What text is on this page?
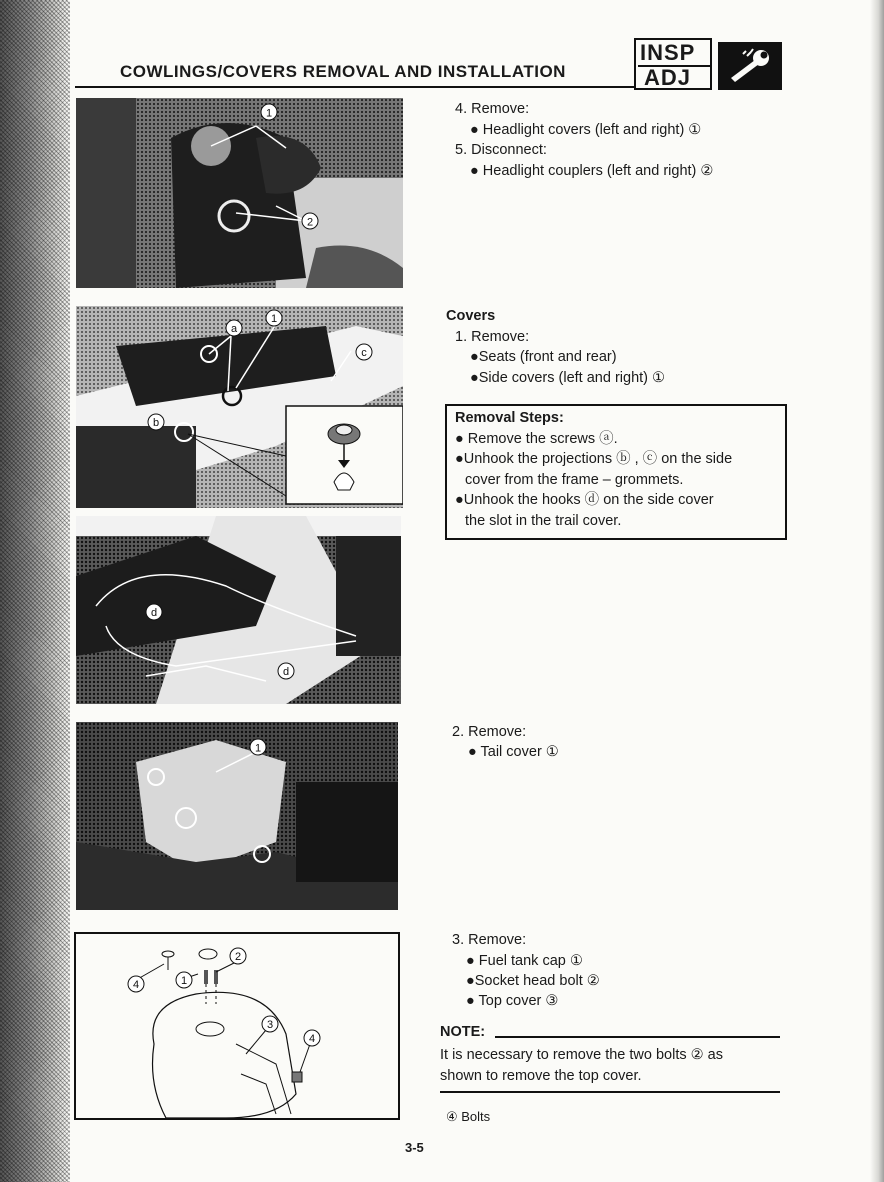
COWLINGS/COVERS REMOVAL AND INSTALLATION
INSP
ADJ
1
2
4. Remove:
● Headlight covers (left and right) ①
5. Disconnect:
● Headlight couplers (left and right) ②
a
1
c
b
Covers
1. Remove:
●Seats (front and rear)
●Side covers (left and right) ①
Removal Steps:
● Remove the screws ⓐ.
●Unhook the projections ⓑ , ⓒ on the side
cover from the frame – grommets.
●Unhook the hooks ⓓ on the side cover
the slot in the trail cover.
d
d
1
2. Remove:
● Tail cover ①
4	1
2
3
4
3. Remove:
● Fuel tank cap ①
●Socket head bolt ②
● Top cover ③
NOTE:
It is necessary to remove the two bolts ② as
shown to remove the top cover.
④ Bolts
3-5
